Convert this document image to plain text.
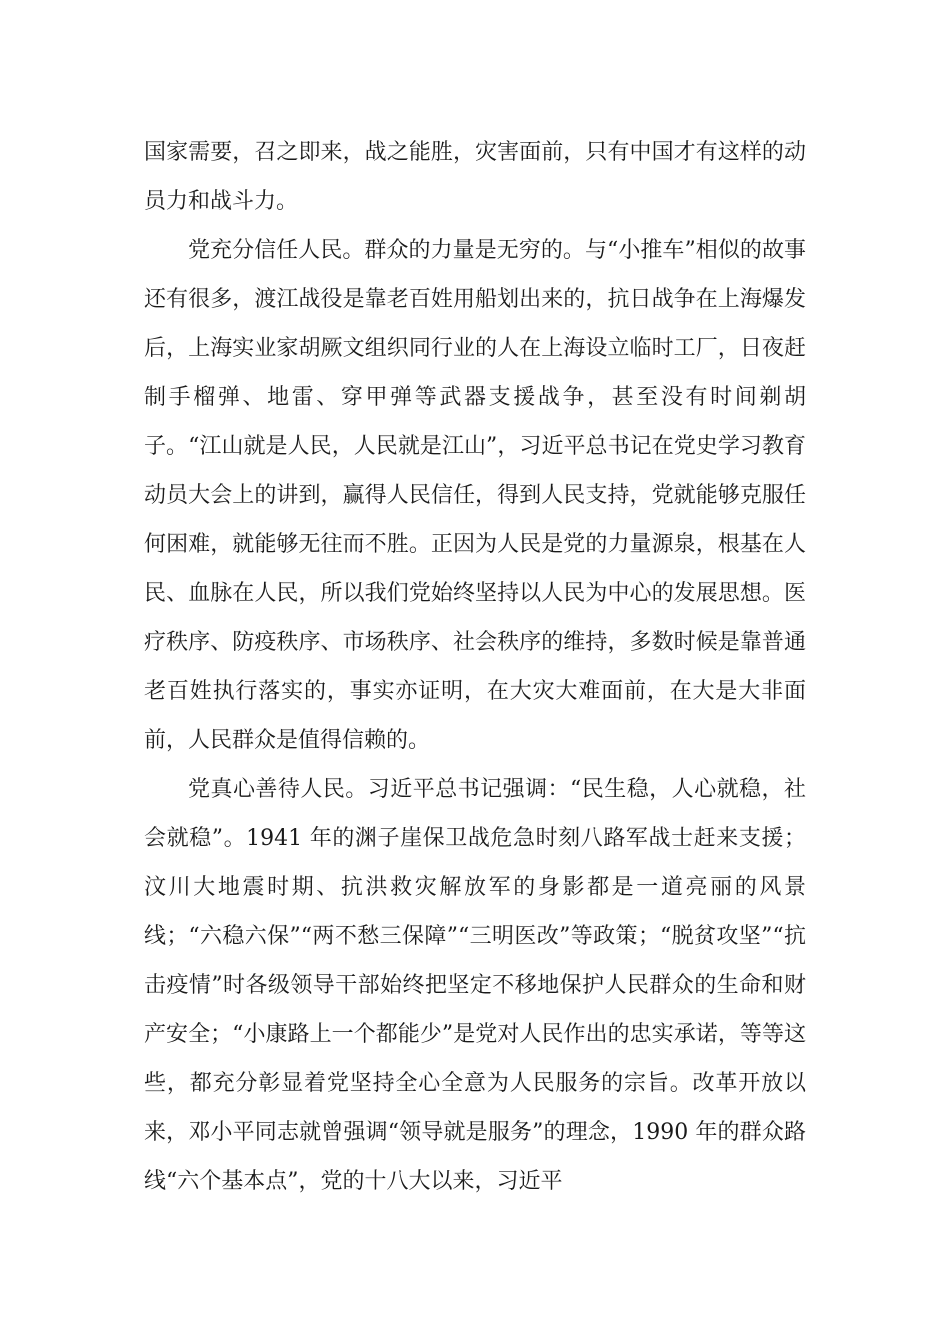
国家需要，召之即来，战之能胜，灾害面前，只有中国才有这样的动员力和战斗力。

党充分信任人民。群众的力量是无穷的。与“小推车”相似的故事还有很多，渡江战役是靠老百姓用船划出来的，抗日战争在上海爆发后，上海实业家胡厥文组织同行业的人在上海设立临时工厂，日夜赶制手榴弹、地雷、穿甲弹等武器支援战争，甚至没有时间剃胡子。“江山就是人民，人民就是江山”，习近平总书记在党史学习教育动员大会上的讲到，赢得人民信任，得到人民支持，党就能够克服任何困难，就能够无往而不胜。正因为人民是党的力量源泉，根基在人民、血脉在人民，所以我们党始终坚持以人民为中心的发展思想。医疗秩序、防疫秩序、市场秩序、社会秩序的维持，多数时候是靠普通老百姓执行落实的，事实亦证明，在大灾大难面前，在大是大非面前，人民群众是值得信赖的。

党真心善待人民。习近平总书记强调：“民生稳，人心就稳，社会就稳”。1941 年的渊子崖保卫战危急时刻八路军战士赶来支援；汶川大地震时期、抗洪救灾解放军的身影都是一道亮丽的风景线；“六稳六保”“两不愁三保障”“三明医改”等政策；“脱贫攻坚”“抗击疫情”时各级领导干部始终把坚定不移地保护人民群众的生命和财产安全；“小康路上一个都能少”是党对人民作出的忠实承诺，等等这些，都充分彰显着党坚持全心全意为人民服务的宗旨。改革开放以来，邓小平同志就曾强调“领导就是服务”的理念，1990 年的群众路线“六个基本点”，党的十八大以来，习近平
